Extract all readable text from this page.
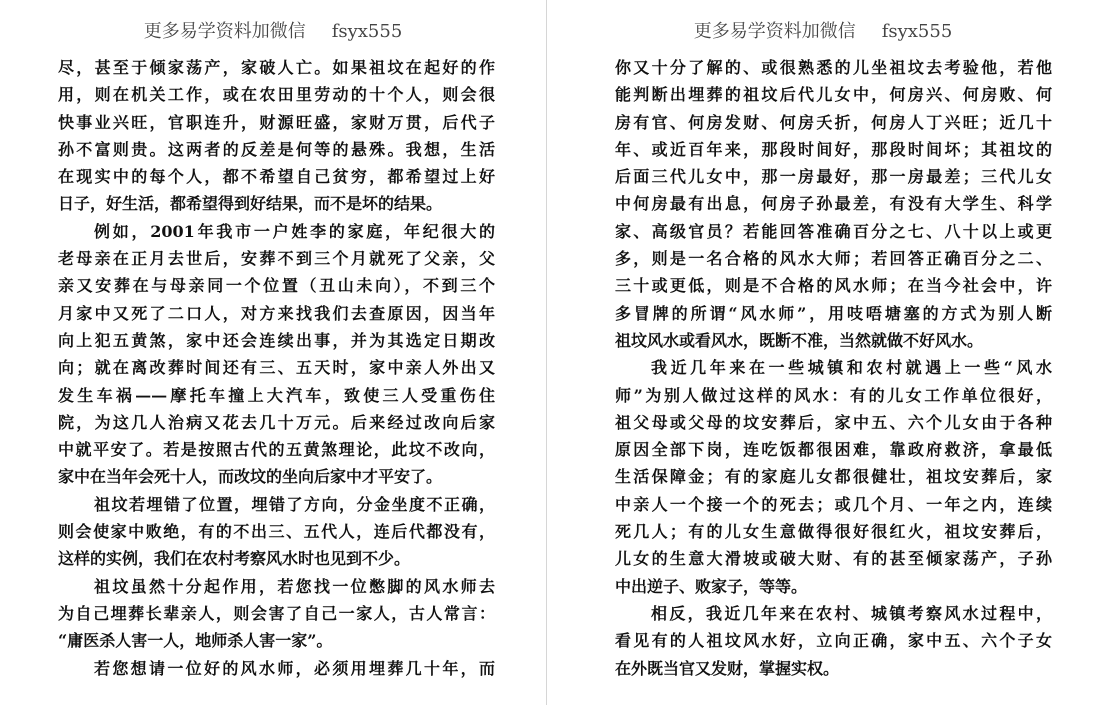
更多易学资料加微信 fsyx555
尽，甚至于倾家荡产，家破人亡。如果祖坟在起好的作
用，则在机关工作，或在农田里劳动的十个人，则会很
快事业兴旺，官职连升，财源旺盛，家财万贯，后代子
孙不富则贵。这两者的反差是何等的悬殊。我想，生活
在现实中的每个人，都不希望自己贫穷，都希望过上好
日子，好生活，都希望得到好结果，而不是坏的结果。
例如，2001年我市一户姓李的家庭，年纪很大的
老母亲在正月去世后，安葬不到三个月就死了父亲，父
亲又安葬在与母亲同一个位置（丑山未向），不到三个
月家中又死了二口人，对方来找我们去查原因，因当年
向上犯五黄煞，家中还会连续出事，并为其选定日期改
向；就在离改葬时间还有三、五天时，家中亲人外出又
发生车祸——摩托车撞上大汽车，致使三人受重伤住
院，为这几人治病又花去几十万元。后来经过改向后家
中就平安了。若是按照古代的五黄煞理论，此坟不改向，
家中在当年会死十人，而改坟的坐向后家中才平安了。
祖坟若埋错了位置，埋错了方向，分金坐度不正确，
则会使家中败绝，有的不出三、五代人，连后代都没有，
这样的实例，我们在农村考察风水时也见到不少。
祖坟虽然十分起作用，若您找一位憋脚的风水师去
为自己埋葬长辈亲人，则会害了自己一家人，古人常言：
“庸医杀人害一人，地师杀人害一家”。
若您想请一位好的风水师，必须用埋葬几十年，而
更多易学资料加微信 fsyx555
你又十分了解的、或很熟悉的儿坐祖坟去考验他，若他
能判断出埋葬的祖坟后代儿女中，何房兴、何房败、何
房有官、何房发财、何房夭折，何房人丁兴旺；近几十
年、或近百年来，那段时间好，那段时间坏；其祖坟的
后面三代儿女中，那一房最好，那一房最差；三代儿女
中何房最有出息，何房子孙最差，有没有大学生、科学
家、高级官员？若能回答准确百分之七、八十以上或更
多，则是一名合格的风水大师；若回答正确百分之二、
三十或更低，则是不合格的风水师；在当今社会中，许
多冒牌的所谓“风水师”，用吱唔塘塞的方式为别人断
祖坟风水或看风水，既断不准，当然就做不好风水。
我近几年来在一些城镇和农村就遇上一些“风水
师”为别人做过这样的风水：有的儿女工作单位很好，
祖父母或父母的坟安葬后，家中五、六个儿女由于各种
原因全部下岗，连吃饭都很困难，靠政府救济，拿最低
生活保障金；有的家庭儿女都很健壮，祖坟安葬后，家
中亲人一个接一个的死去；或几个月、一年之内，连续
死几人；有的儿女生意做得很好很红火，祖坟安葬后，
儿女的生意大滑坡或破大财、有的甚至倾家荡产，子孙
中出逆子、败家子，等等。
相反，我近几年来在农村、城镇考察风水过程中，
看见有的人祖坟风水好，立向正确，家中五、六个子女
在外既当官又发财，掌握实权。
